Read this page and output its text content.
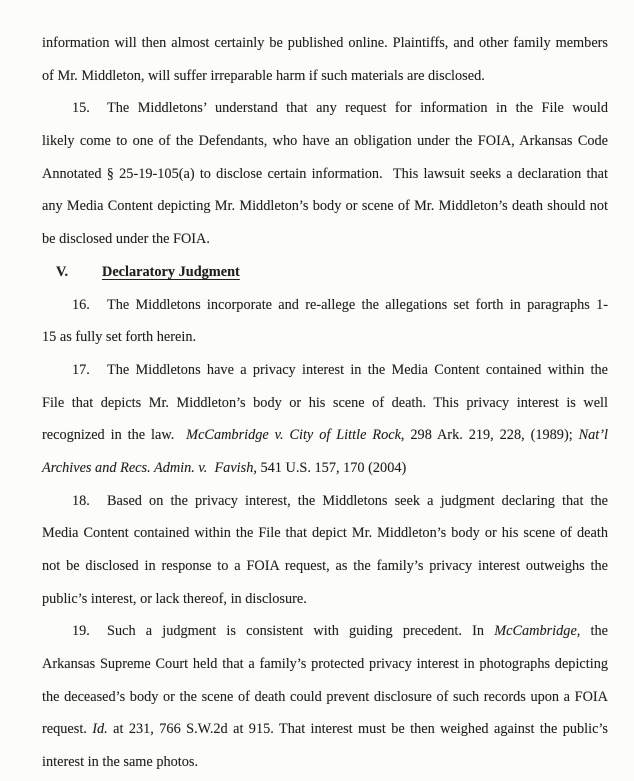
information will then almost certainly be published online. Plaintiffs, and other family members
of Mr. Middleton, will suffer irreparable harm if such materials are disclosed.
15. The Middletons’ understand that any request for information in the File would
likely come to one of the Defendants, who have an obligation under the FOIA, Arkansas Code
Annotated § 25-19-105(a) to disclose certain information.  This lawsuit seeks a declaration that
any Media Content depicting Mr. Middleton’s body or scene of Mr. Middleton’s death should not
be disclosed under the FOIA.
V. Declaratory Judgment
16. The Middletons incorporate and re-allege the allegations set forth in paragraphs 1-
15 as fully set forth herein.
17. The Middletons have a privacy interest in the Media Content contained within the
File that depicts Mr. Middleton’s body or his scene of death. This privacy interest is well
recognized in the law.  McCambridge v. City of Little Rock, 298 Ark. 219, 228, (1989); Nat’l
Archives and Recs. Admin. v.  Favish, 541 U.S. 157, 170 (2004)
18. Based on the privacy interest, the Middletons seek a judgment declaring that the
Media Content contained within the File that depict Mr. Middleton’s body or his scene of death
not be disclosed in response to a FOIA request, as the family’s privacy interest outweighs the
public’s interest, or lack thereof, in disclosure.
19. Such a judgment is consistent with guiding precedent. In McCambridge, the
Arkansas Supreme Court held that a family’s protected privacy interest in photographs depicting
the deceased’s body or the scene of death could prevent disclosure of such records upon a FOIA
request. Id. at 231, 766 S.W.2d at 915. That interest must be then weighed against the public’s
interest in the same photos.
